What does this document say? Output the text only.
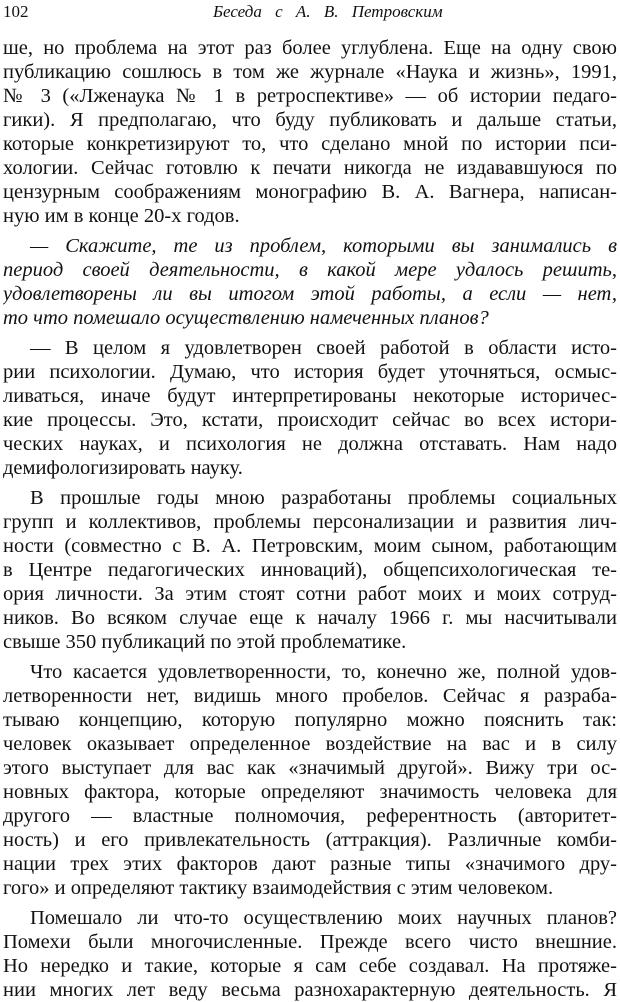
102	Беседа с А. В. Петровским
ше, но проблема на этот раз более углублена. Еще на одну свою
публикацию сошлюсь в том же журнале «Наука и жизнь», 1991,
№ 3 («Лженаука № 1 в ретроспективе» — об истории педаго-
гики). Я предполагаю, что буду публиковать и дальше статьи,
которые конкретизируют то, что сделано мной по истории пси-
хологии. Сейчас готовлю к печати никогда не издававшуюся по
цензурным соображениям монографию В. А. Вагнера, написан-
ную им в конце 20-х годов.
— Скажите, те из проблем, которыми вы занимались в
период своей деятельности, в какой мере удалось решить,
удовлетворены ли вы итогом этой работы, а если — нет,
то что помешало осуществлению намеченных планов?
— В целом я удовлетворен своей работой в области исто-
рии психологии. Думаю, что история будет уточняться, осмыс-
ливаться, иначе будут интерпретированы некоторые историчес-
кие процессы. Это, кстати, происходит сейчас во всех истори-
ческих науках, и психология не должна отставать. Нам надо
демифологизировать науку.
В прошлые годы мною разработаны проблемы социальных
групп и коллективов, проблемы персонализации и развития лич-
ности (совместно с В. А. Петровским, моим сыном, работающим
в Центре педагогических инноваций), общепсихологическая те-
ория личности. За этим стоят сотни работ моих и моих сотруд-
ников. Во всяком случае еще к началу 1966 г. мы насчитывали
свыше 350 публикаций по этой проблематике.
Что касается удовлетворенности, то, конечно же, полной удов-
летворенности нет, видишь много пробелов. Сейчас я разраба-
тываю концепцию, которую популярно можно пояснить так:
человек оказывает определенное воздействие на вас и в силу
этого выступает для вас как «значимый другой». Вижу три ос-
новных фактора, которые определяют значимость человека для
другого — властные полномочия, референтность (авторитет-
ность) и его привлекательность (аттракция). Различные комби-
нации трех этих факторов дают разные типы «значимого дру-
гого» и определяют тактику взаимодействия с этим человеком.
Помешало ли что-то осуществлению моих научных планов?
Помехи были многочисленные. Прежде всего чисто внешние.
Но нередко и такие, которые я сам себе создавал. На протяже-
нии многих лет веду весьма разнохарактерную деятельность. Я
